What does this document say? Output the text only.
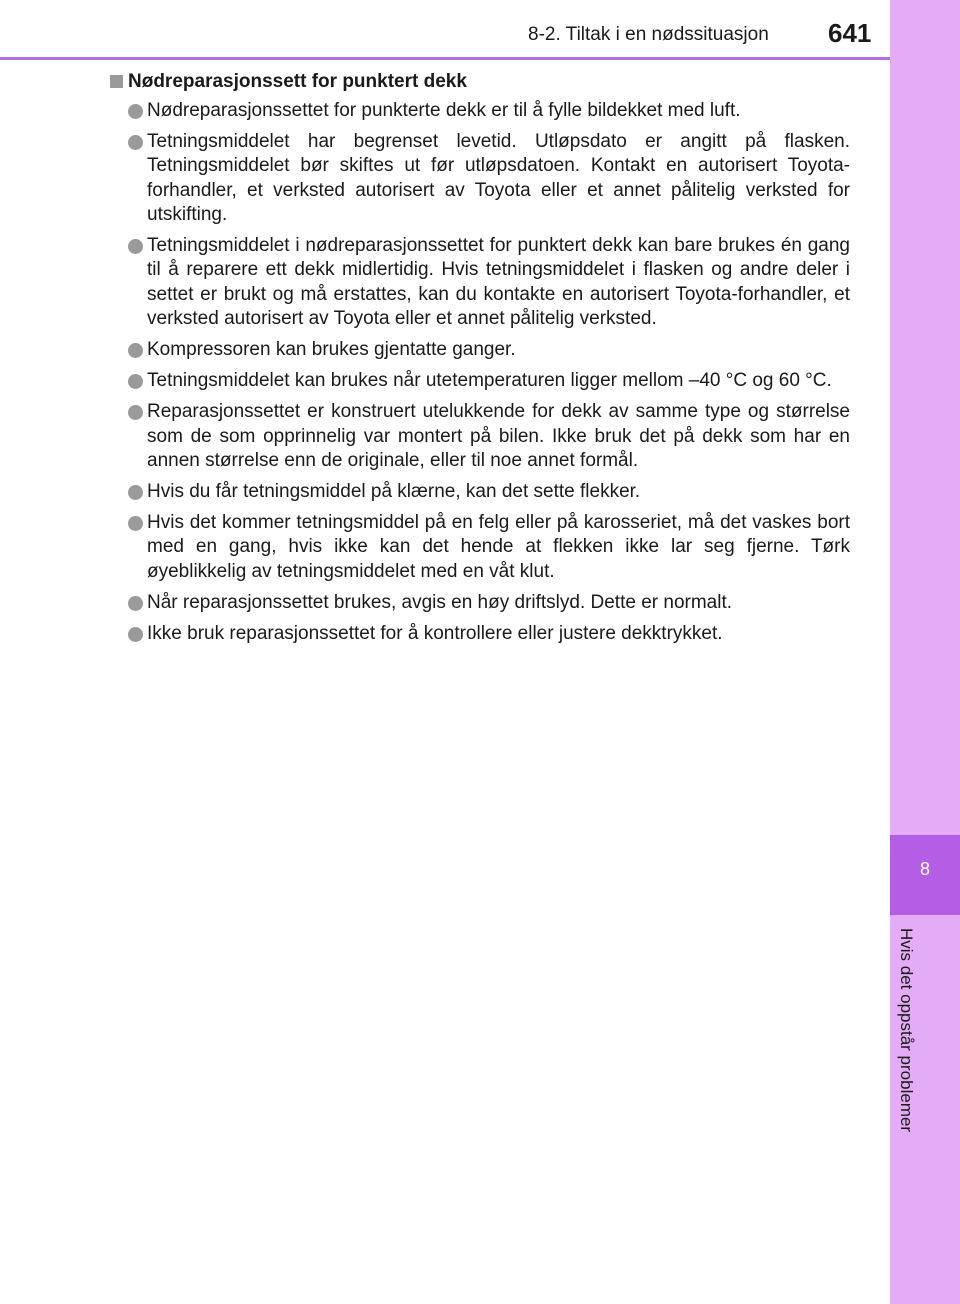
8-2. Tiltak i en nødssituasjon 641
8
Hvis det oppstår problemer
Nødreparasjonssett for punktert dekk
Nødreparasjonssettet for punkterte dekk er til å fylle bildekket med luft.
Tetningsmiddelet har begrenset levetid. Utløpsdato er angitt på flasken. Tetningsmiddelet bør skiftes ut før utløpsdatoen. Kontakt en autorisert Toyota-forhandler, et verksted autorisert av Toyota eller et annet pålitelig verksted for utskifting.
Tetningsmiddelet i nødreparasjonssettet for punktert dekk kan bare brukes én gang til å reparere ett dekk midlertidig. Hvis tetningsmiddelet i flasken og andre deler i settet er brukt og må erstattes, kan du kontakte en autorisert Toyota-forhandler, et verksted autorisert av Toyota eller et annet pålitelig verksted.
Kompressoren kan brukes gjentatte ganger.
Tetningsmiddelet kan brukes når utetemperaturen ligger mellom –40 °C og 60 °C.
Reparasjonssettet er konstruert utelukkende for dekk av samme type og størrelse som de som opprinnelig var montert på bilen. Ikke bruk det på dekk som har en annen størrelse enn de originale, eller til noe annet formål.
Hvis du får tetningsmiddel på klærne, kan det sette flekker.
Hvis det kommer tetningsmiddel på en felg eller på karosseriet, må det vaskes bort med en gang, hvis ikke kan det hende at flekken ikke lar seg fjerne. Tørk øyeblikkelig av tetningsmiddelet med en våt klut.
Når reparasjonssettet brukes, avgis en høy driftslyd. Dette er normalt.
Ikke bruk reparasjonssettet for å kontrollere eller justere dekktrykket.
